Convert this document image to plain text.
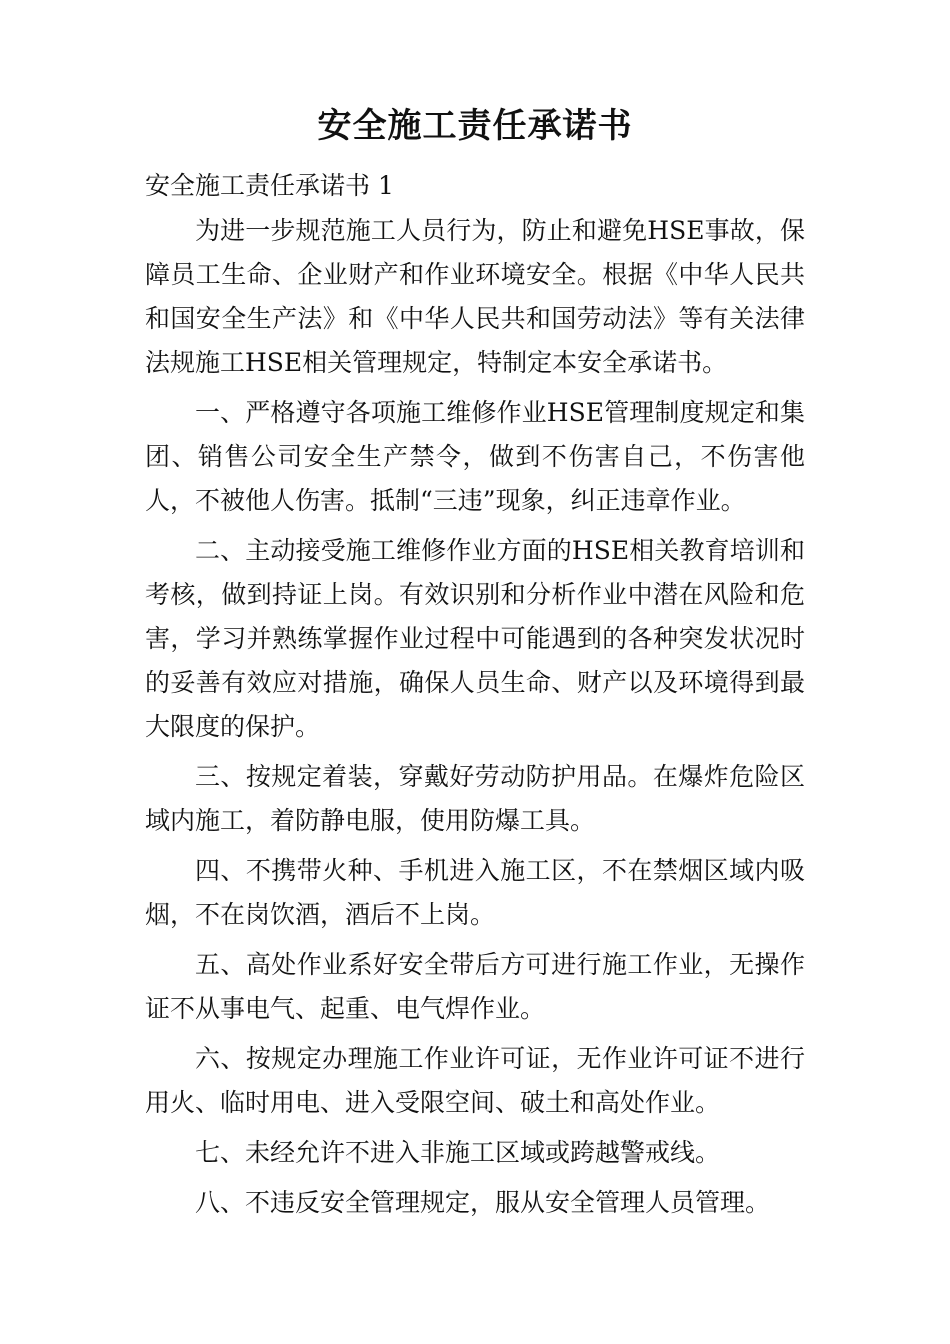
安全施工责任承诺书
安全施工责任承诺书 1

为进一步规范施工人员行为，防止和避免HSE事故，保障员工生命、企业财产和作业环境安全。根据《中华人民共和国安全生产法》和《中华人民共和国劳动法》等有关法律法规施工HSE相关管理规定，特制定本安全承诺书。

一、严格遵守各项施工维修作业HSE管理制度规定和集团、销售公司安全生产禁令，做到不伤害自己，不伤害他人，不被他人伤害。抵制“三违”现象，纠正违章作业。

二、主动接受施工维修作业方面的HSE相关教育培训和考核，做到持证上岗。有效识别和分析作业中潜在风险和危害，学习并熟练掌握作业过程中可能遇到的各种突发状况时的妥善有效应对措施，确保人员生命、财产以及环境得到最大限度的保护。

三、按规定着装，穿戴好劳动防护用品。在爆炸危险区域内施工，着防静电服，使用防爆工具。

四、不携带火种、手机进入施工区，不在禁烟区域内吸烟，不在岗饮酒，酒后不上岗。

五、高处作业系好安全带后方可进行施工作业，无操作证不从事电气、起重、电气焊作业。

六、按规定办理施工作业许可证，无作业许可证不进行用火、临时用电、进入受限空间、破土和高处作业。

七、未经允许不进入非施工区域或跨越警戒线。

八、不违反安全管理规定，服从安全管理人员管理。
